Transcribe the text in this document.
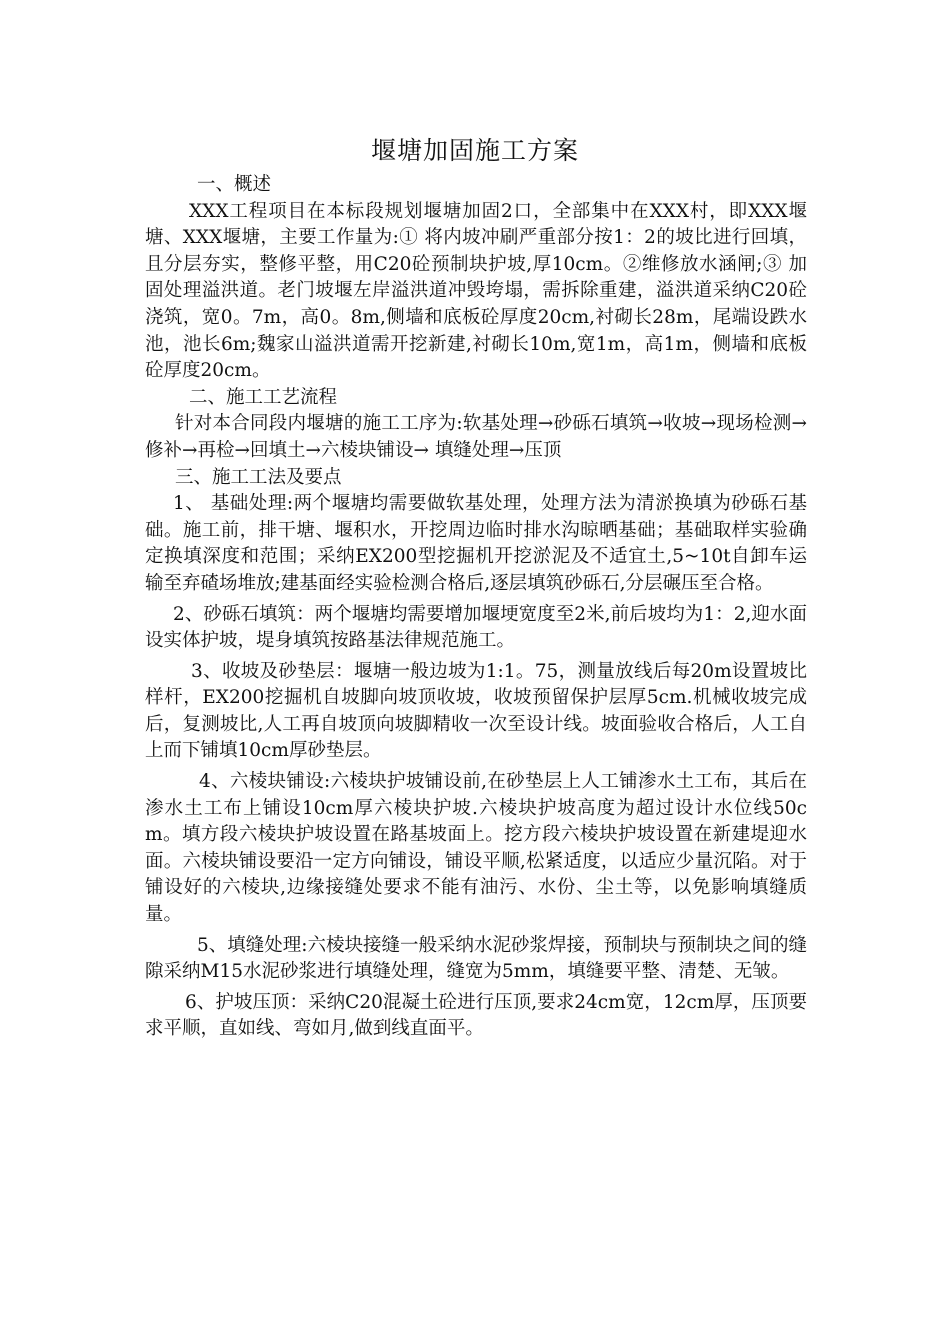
堰塘加固施工方案

一、概述

XXX工程项目在本标段规划堰塘加固2口，全部集中在XXX村，即XXX堰塘、XXX堰塘，主要工作量为:① 将内坡冲刷严重部分按1：2的坡比进行回填，且分层夯实，整修平整，用C20砼预制块护坡,厚10cm。②维修放水涵闸;③ 加固处理溢洪道。老门坡堰左岸溢洪道冲毁垮塌，需拆除重建，溢洪道采纳C20砼浇筑，宽0。7m，高0。8m,侧墙和底板砼厚度20cm,衬砌长28m，尾端设跌水池，池长6m;魏家山溢洪道需开挖新建,衬砌长10m,宽1m，高1m，侧墙和底板砼厚度20cm。

二、施工工艺流程

针对本合同段内堰塘的施工工序为:软基处理→砂砾石填筑→收坡→现场检测→修补→再检→回填土→六棱块铺设→ 填缝处理→压顶

三、施工工法及要点

1、 基础处理:两个堰塘均需要做软基处理，处理方法为清淤换填为砂砾石基础。施工前，排干塘、堰积水，开挖周边临时排水沟晾晒基础；基础取样实验确定换填深度和范围；采纳EX200型挖掘机开挖淤泥及不适宜土,5~10t自卸车运输至弃碴场堆放;建基面经实验检测合格后,逐层填筑砂砾石,分层碾压至合格。

2、砂砾石填筑：两个堰塘均需要增加堰埂宽度至2米,前后坡均为1：2,迎水面设实体护坡，堤身填筑按路基法律规范施工。

3、收坡及砂垫层：堰塘一般边坡为1:1。75，测量放线后每20m设置坡比样杆，EX200挖掘机自坡脚向坡顶收坡，收坡预留保护层厚5cm.机械收坡完成后，复测坡比,人工再自坡顶向坡脚精收一次至设计线。坡面验收合格后，人工自上而下铺填10cm厚砂垫层。

4、六棱块铺设:六棱块护坡铺设前,在砂垫层上人工铺渗水土工布，其后在渗水土工布上铺设10cm厚六棱块护坡.六棱块护坡高度为超过设计水位线50cm。填方段六棱块护坡设置在路基坡面上。挖方段六棱块护坡设置在新建堤迎水面。六棱块铺设要沿一定方向铺设，铺设平顺,松紧适度，以适应少量沉陷。对于铺设好的六棱块,边缘接缝处要求不能有油污、水份、尘土等，以免影响填缝质量。

5、填缝处理:六棱块接缝一般采纳水泥砂浆焊接，预制块与预制块之间的缝隙采纳M15水泥砂浆进行填缝处理，缝宽为5mm，填缝要平整、清楚、无皱。

6、护坡压顶：采纳C20混凝土砼进行压顶,要求24cm宽，12cm厚，压顶要求平顺，直如线、弯如月,做到线直面平。
